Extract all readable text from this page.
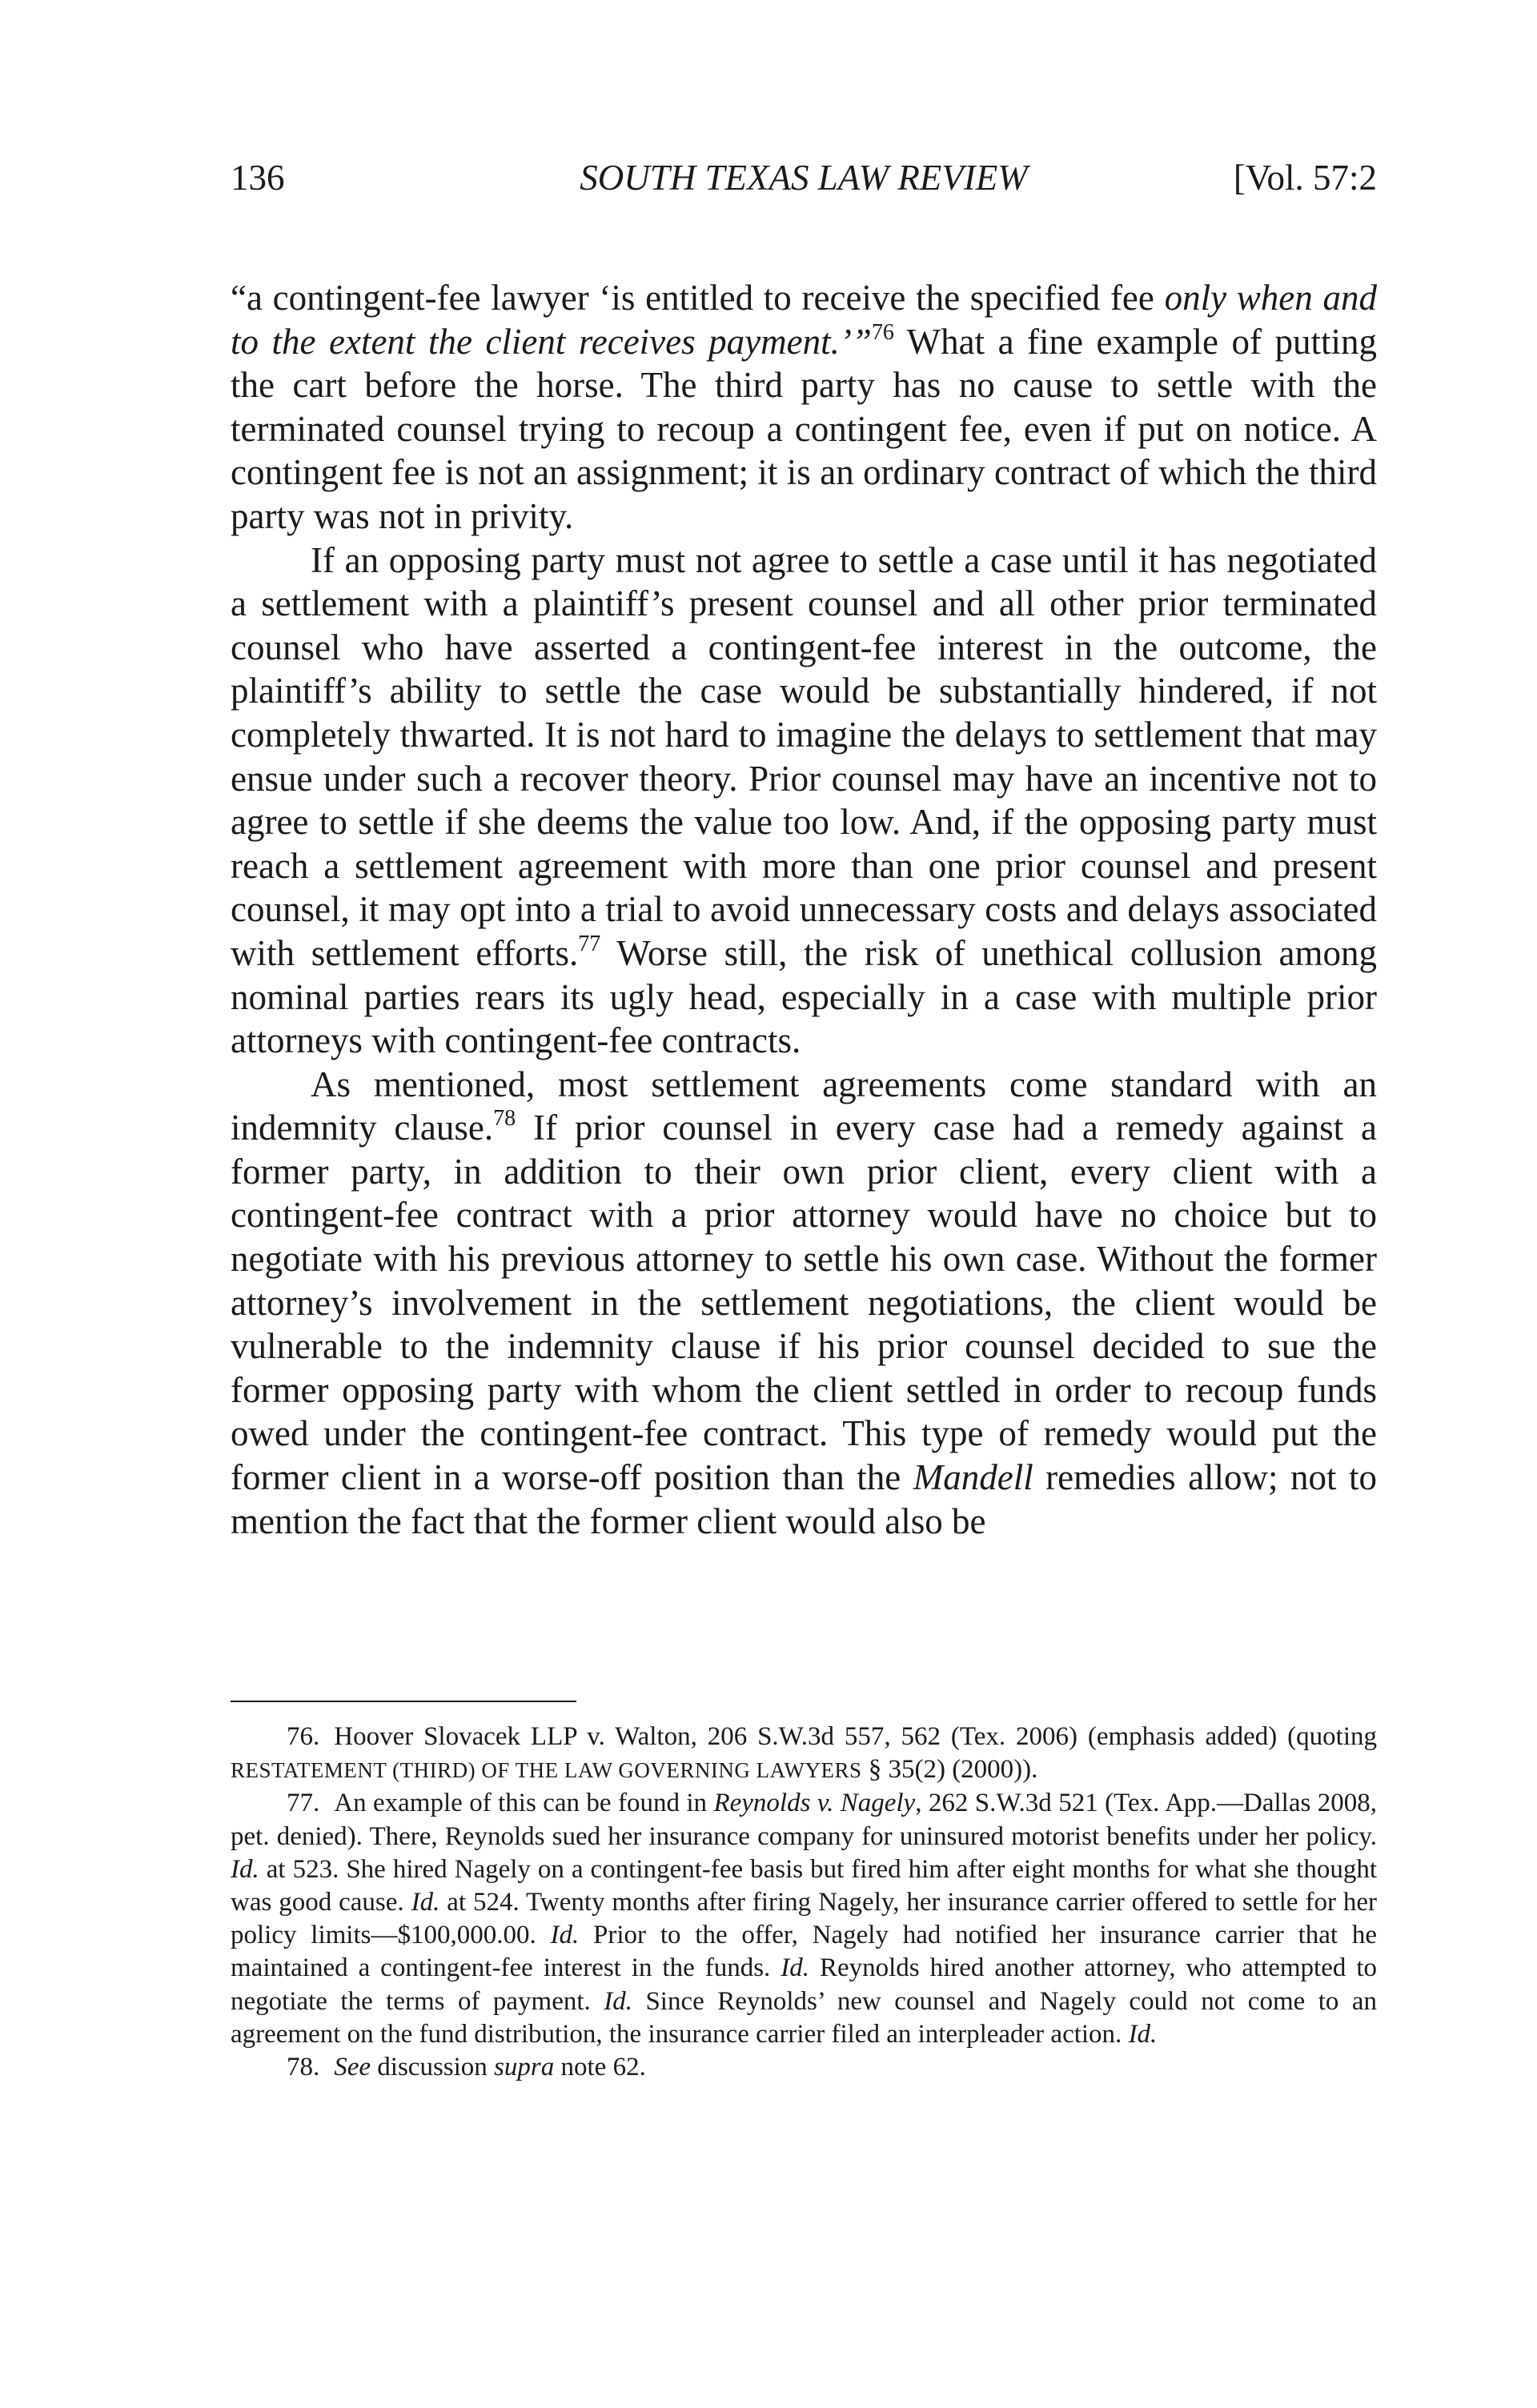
136	SOUTH TEXAS LAW REVIEW	[Vol. 57:2

“a contingent-fee lawyer ‘is entitled to receive the specified fee only when and to the extent the client receives payment.’”$^{76}$ What a fine example of putting the cart before the horse. The third party has no cause to settle with the terminated counsel trying to recoup a contingent fee, even if put on notice. A contingent fee is not an assignment; it is an ordinary contract of which the third party was not in privity.

If an opposing party must not agree to settle a case until it has negotiated a settlement with a plaintiff’s present counsel and all other prior terminated counsel who have asserted a contingent-fee interest in the outcome, the plaintiff’s ability to settle the case would be substantially hindered, if not completely thwarted. It is not hard to imagine the delays to settlement that may ensue under such a recover theory. Prior counsel may have an incentive not to agree to settle if she deems the value too low. And, if the opposing party must reach a settlement agreement with more than one prior counsel and present counsel, it may opt into a trial to avoid unnecessary costs and delays associated with settlement efforts.$^{77}$ Worse still, the risk of unethical collusion among nominal parties rears its ugly head, especially in a case with multiple prior attorneys with contingent-fee contracts.

As mentioned, most settlement agreements come standard with an indemnity clause.$^{78}$ If prior counsel in every case had a remedy against a former party, in addition to their own prior client, every client with a contingent-fee contract with a prior attorney would have no choice but to negotiate with his previous attorney to settle his own case. Without the former attorney’s involvement in the settlement negotiations, the client would be vulnerable to the indemnity clause if his prior counsel decided to sue the former opposing party with whom the client settled in order to recoup funds owed under the contingent-fee contract. This type of remedy would put the former client in a worse-off position than the Mandell remedies allow; not to mention the fact that the former client would also be

76. Hoover Slovacek LLP v. Walton, 206 S.W.3d 557, 562 (Tex. 2006) (emphasis added) (quoting RESTATEMENT (THIRD) OF THE LAW GOVERNING LAWYERS § 35(2) (2000)).

77. An example of this can be found in Reynolds v. Nagely, 262 S.W.3d 521 (Tex. App.—Dallas 2008, pet. denied). There, Reynolds sued her insurance company for uninsured motorist benefits under her policy. Id. at 523. She hired Nagely on a contingent-fee basis but fired him after eight months for what she thought was good cause. Id. at 524. Twenty months after firing Nagely, her insurance carrier offered to settle for her policy limits—$100,000.00. Id. Prior to the offer, Nagely had notified her insurance carrier that he maintained a contingent-fee interest in the funds. Id. Reynolds hired another attorney, who attempted to negotiate the terms of payment. Id. Since Reynolds’ new counsel and Nagely could not come to an agreement on the fund distribution, the insurance carrier filed an interpleader action. Id.

78. See discussion supra note 62.
